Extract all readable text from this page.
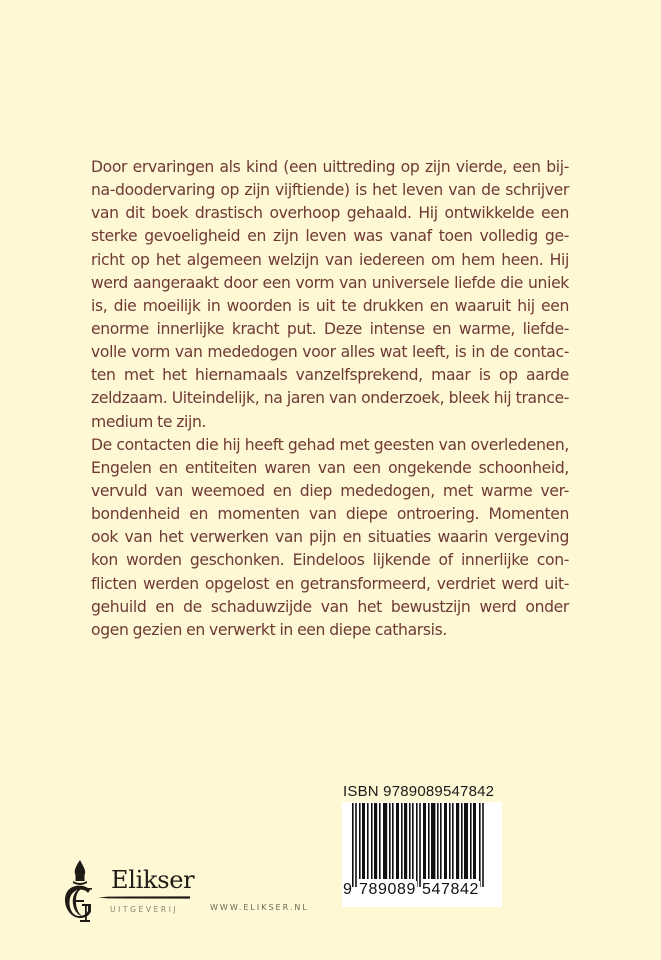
Door ervaringen als kind (een uittreding op zijn vierde, een bij-
na-doodervaring op zijn vijftiende) is het leven van de schrijver
van dit boek drastisch overhoop gehaald. Hij ontwikkelde een
sterke gevoeligheid en zijn leven was vanaf toen volledig ge-
richt op het algemeen welzijn van iedereen om hem heen. Hij
werd aangeraakt door een vorm van universele liefde die uniek
is, die moeilijk in woorden is uit te drukken en waaruit hij een
enorme innerlijke kracht put. Deze intense en warme, liefde-
volle vorm van mededogen voor alles wat leeft, is in de contac-
ten met het hiernamaals vanzelfsprekend, maar is op aarde
zeldzaam. Uiteindelijk, na jaren van onderzoek, bleek hij trance-
medium te zijn.
De contacten die hij heeft gehad met geesten van overledenen,
Engelen en entiteiten waren van een ongekende schoonheid,
vervuld van weemoed en diep mededogen, met warme ver-
bondenheid en momenten van diepe ontroering. Momenten
ook van het verwerken van pijn en situaties waarin vergeving
kon worden geschonken. Eindeloos lijkende of innerlijke con-
flicten werden opgelost en getransformeerd, verdriet werd uit-
gehuild en de schaduwzijde van het bewustzijn werd onder
ogen gezien en verwerkt in een diepe catharsis.
ISBN 9789089547842
9 789089 547842
Elikser
UITGEVERIJ	WWW.ELIKSER.NL
